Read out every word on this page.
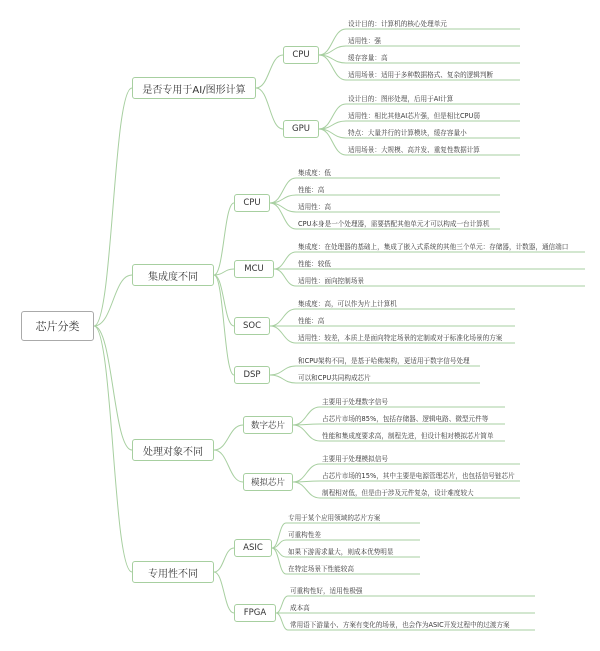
芯片分类
是否专用于AI/图形计算
集成度不同
处理对象不同
专用性不同
CPU
GPU
CPU
MCU
SOC
DSP
数字芯片
模拟芯片
ASIC
FPGA
设计目的：计算机的核心处理单元
适用性：强
缓存容量：高
适用场景：适用于多种数据格式、复杂的逻辑判断
设计目的：图形处理，后用于AI计算
适用性：相比其他AI芯片强，但是相比CPU弱
特点：大量并行的计算模块，缓存容量小
适用场景：大规模、高并发、重复性数据计算
集成度：低
性能：高
适用性：高
CPU本身是一个处理器，需要搭配其他单元才可以构成一台计算机
集成度：在处理器的基础上，集成了嵌入式系统的其他三个单元：存储器，计数器，通信端口
性能：较低
适用性：面向控制场景
集成度：高，可以作为片上计算机
性能：高
适用性：较差，本质上是面向特定场景的定制或对于标准化场景的方案
和CPU架构不同，是基于哈佛架构，更适用于数字信号处理
可以和CPU共同构成芯片
主要用于处理数字信号
占芯片市场的85%，包括存储器、逻辑电路、微型元件等
性能和集成度要求高，制程先进，但设计相对模拟芯片简单
主要用于处理模拟信号
占芯片市场的15%，其中主要是电源管理芯片，也包括信号链芯片
制程相对低，但是由于涉及元件复杂，设计难度较大
专用于某个应用领域的芯片方案
可重构性差
如果下游需求量大，则成本优势明显
在特定场景下性能较高
可重构性好，适用性极强
成本高
常用语下游量小、方案有变化的场景，也会作为ASIC开发过程中的过渡方案
